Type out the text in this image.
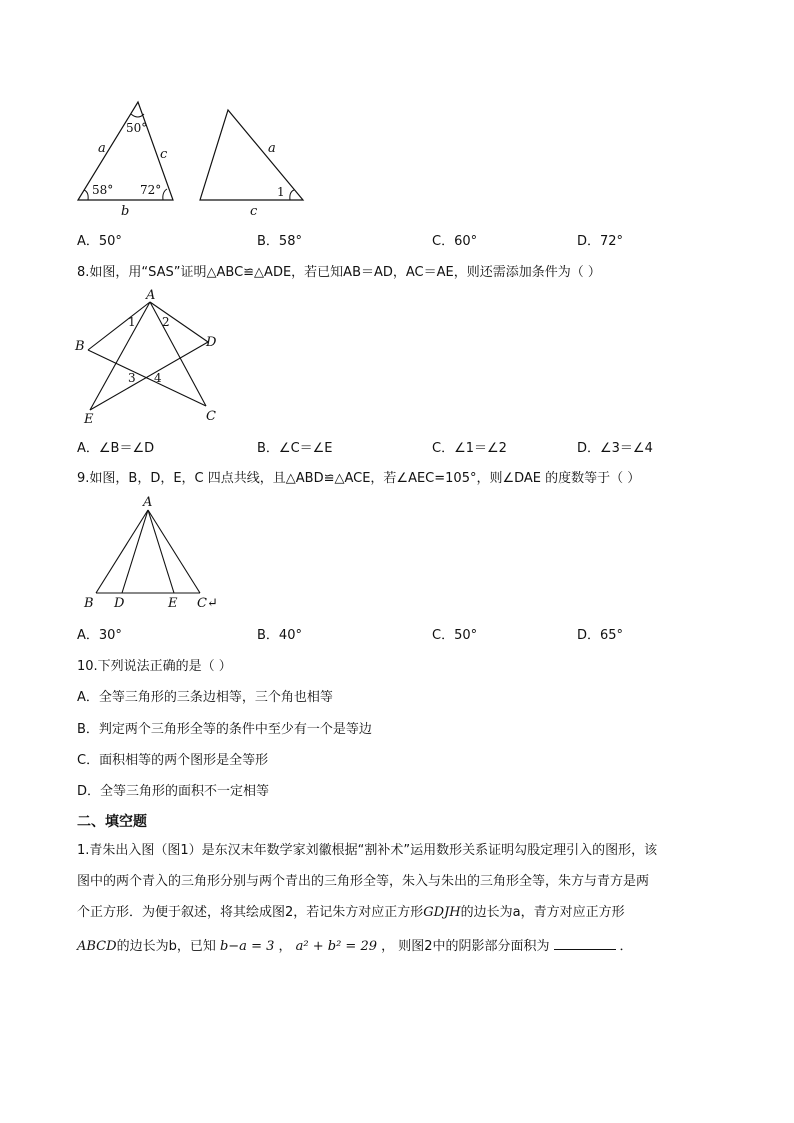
50°
58° 72°
a	c
b
a
1
c
A．50°	B．58°	C．60°	D．72°
8.如图，用“SAS”证明△ABC≌△ADE，若已知AB＝AD，AC＝AE，则还需添加条件为（ ）
A
B	D
E	C
1 2
3 4
A．∠B＝∠D	B．∠C＝∠E	C．∠1＝∠2	D．∠3＝∠4
9.如图，B，D，E，C 四点共线，且△ABD≌△ACE，若∠AEC=105°，则∠DAE 的度数等于（ ）
A
B D	E C↵
A．30°	B．40°	C．50°	D．65°
10.下列说法正确的是（ ）
A．全等三角形的三条边相等，三个角也相等
B．判定两个三角形全等的条件中至少有一个是等边
C．面积相等的两个图形是全等形
D．全等三角形的面积不一定相等
二、填空题
1.青朱出入图（图1）是东汉末年数学家刘徽根据“割补术”运用数形关系证明勾股定理引入的图形，该
图中的两个青入的三角形分别与两个青出的三角形全等，朱入与朱出的三角形全等，朱方与青方是两
个正方形．为便于叙述，将其绘成图2，若记朱方对应正方形GDJH的边长为a，青方对应正方形
ABCD的边长为b，已知 b−a = 3 ， a² + b² = 29 ， 则图2中的阴影部分面积为	．
